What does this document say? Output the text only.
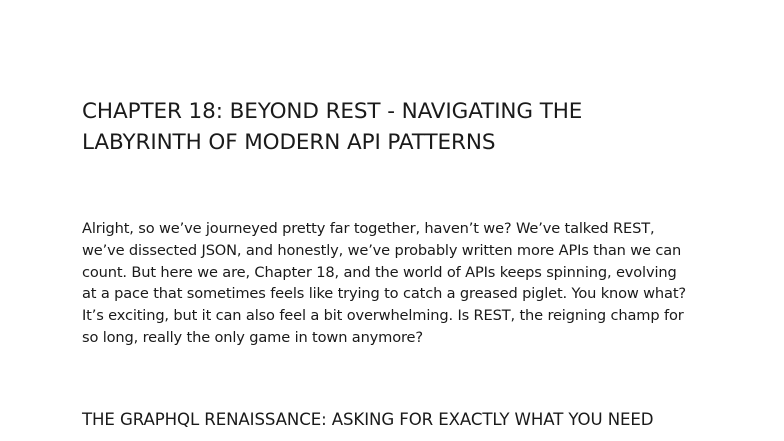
CHAPTER 18: BEYOND REST - NAVIGATING THE
LABYRINTH OF MODERN API PATTERNS

Alright, so we’ve journeyed pretty far together, haven’t we? We’ve talked REST,
we’ve dissected JSON, and honestly, we’ve probably written more APIs than we can
count. But here we are, Chapter 18, and the world of APIs keeps spinning, evolving
at a pace that sometimes feels like trying to catch a greased piglet. You know what?
It’s exciting, but it can also feel a bit overwhelming. Is REST, the reigning champ for
so long, really the only game in town anymore?

THE GRAPHQL RENAISSANCE: ASKING FOR EXACTLY WHAT YOU NEED
